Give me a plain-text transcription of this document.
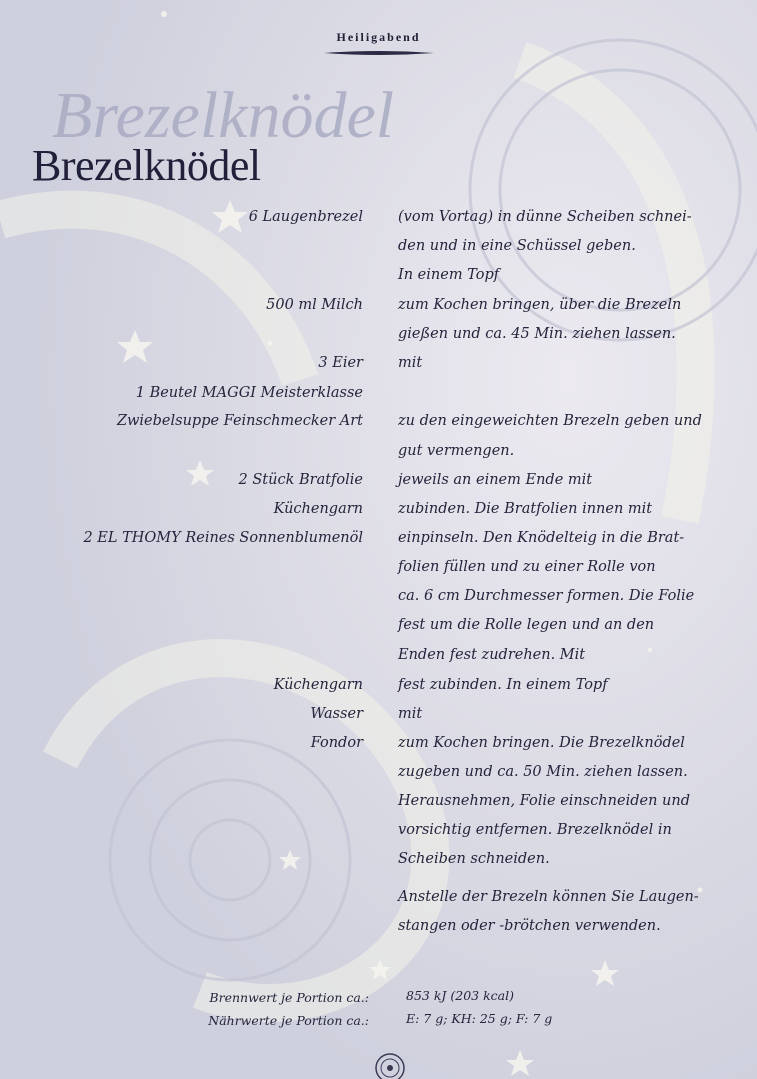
Heiligabend
Brezelknödel
Brezelknödel
6 Laugenbrezel
500 ml Milch
3 Eier
1 Beutel MAGGI Meisterklasse
Zwiebelsuppe Feinschmecker Art
2 Stück Bratfolie
Küchengarn
2 EL THOMY Reines Sonnenblumenöl
Küchengarn
Wasser
Fondor
(vom Vortag) in dünne Scheiben schnei-
den und in eine Schüssel geben.
In einem Topf
zum Kochen bringen, über die Brezeln
gießen und ca. 45 Min. ziehen lassen.
mit
zu den eingeweichten Brezeln geben und
gut vermengen.
jeweils an einem Ende mit
zubinden. Die Bratfolien innen mit
einpinseln. Den Knödelteig in die Brat-
folien füllen und zu einer Rolle von
ca. 6 cm Durchmesser formen. Die Folie
fest um die Rolle legen und an den
Enden fest zudrehen. Mit
fest zubinden. In einem Topf
mit
zum Kochen bringen. Die Brezelknödel
zugeben und ca. 50 Min. ziehen lassen.
Herausnehmen, Folie einschneiden und
vorsichtig entfernen. Brezelknödel in
Scheiben schneiden.
Anstelle der Brezeln können Sie Laugen-
stangen oder -brötchen verwenden.
Brennwert je Portion ca.:	853 kJ (203 kcal)
Nährwerte je Portion ca.:	E: 7 g; KH: 25 g; F: 7 g
